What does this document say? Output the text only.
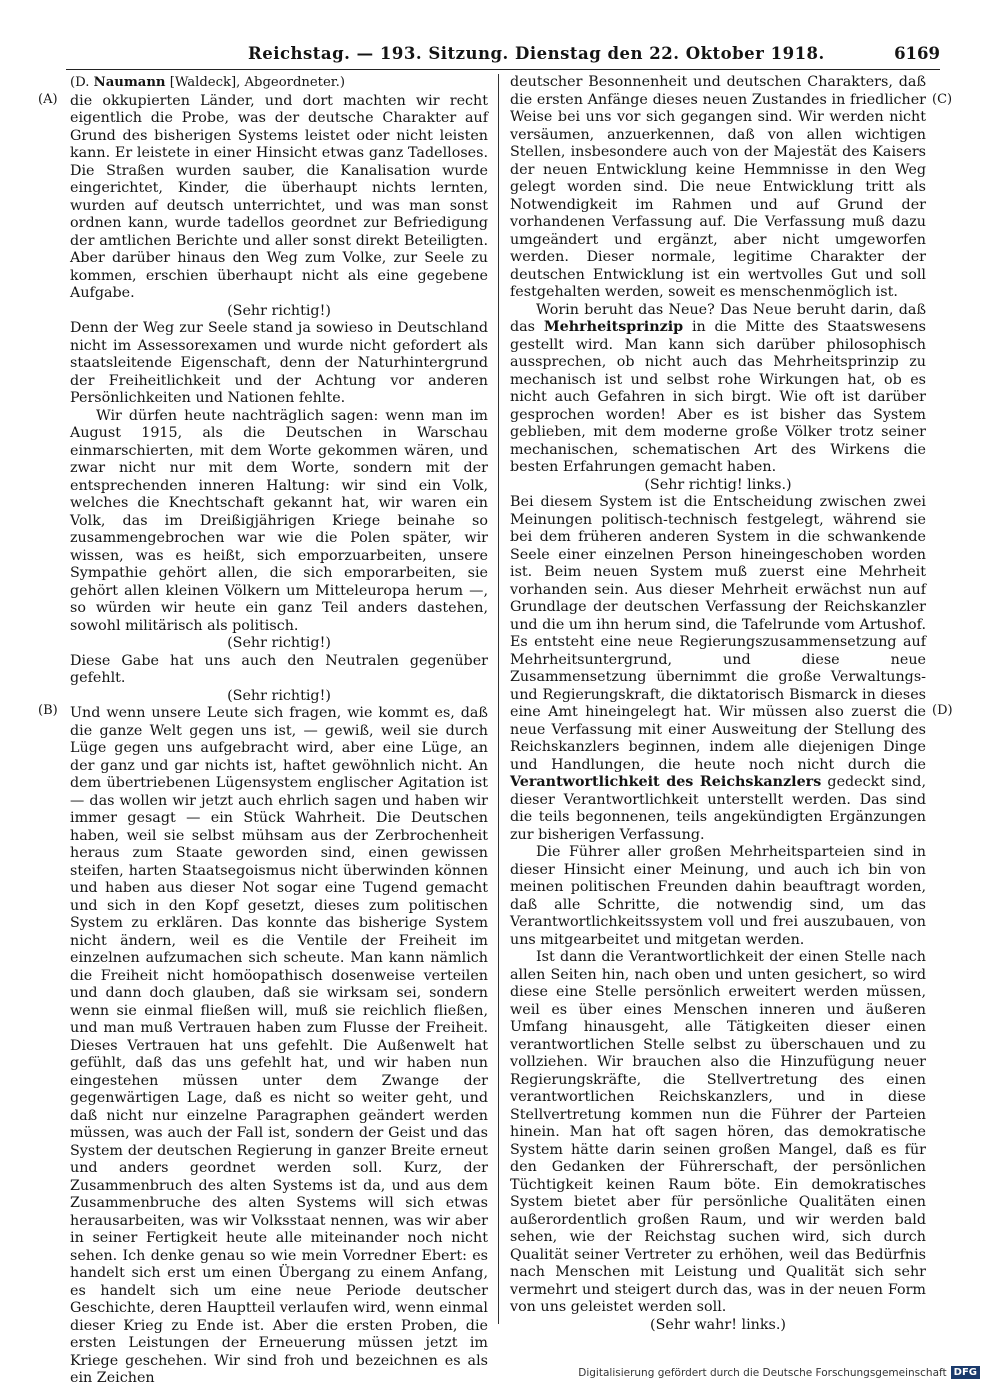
Reichstag. — 193. Sitzung. Dienstag den 22. Oktober 1918.	6169
(A)
(B)
(C)
(D)
(D. Naumann [Waldeck], Abgeordneter.)

die okkupierten Länder, und dort machten wir recht eigentlich die Probe, was der deutsche Charakter auf Grund des bisherigen Systems leistet oder nicht leisten kann. Er leistete in einer Hinsicht etwas ganz Tadelloses. Die Straßen wurden sauber, die Kanalisation wurde eingerichtet, Kinder, die überhaupt nichts lernten, wurden auf deutsch unterrichtet, und was man sonst ordnen kann, wurde tadellos geordnet zur Befriedigung der amtlichen Berichte und aller sonst direkt Beteiligten. Aber darüber hinaus den Weg zum Volke, zur Seele zu kommen, erschien überhaupt nicht als eine gegebene Aufgabe.

(Sehr richtig!)

Denn der Weg zur Seele stand ja sowieso in Deutschland nicht im Assessorexamen und wurde nicht gefordert als staatsleitende Eigenschaft, denn der Naturhintergrund der Freiheitlichkeit und der Achtung vor anderen Persönlichkeiten und Nationen fehlte.

Wir dürfen heute nachträglich sagen: wenn man im August 1915, als die Deutschen in Warschau einmarschierten, mit dem Worte gekommen wären, und zwar nicht nur mit dem Worte, sondern mit der entsprechenden inneren Haltung: wir sind ein Volk, welches die Knechtschaft gekannt hat, wir waren ein Volk, das im Dreißigjährigen Kriege beinahe so zusammengebrochen war wie die Polen später, wir wissen, was es heißt, sich emporzuarbeiten, unsere Sympathie gehört allen, die sich emporarbeiten, sie gehört allen kleinen Völkern um Mitteleuropa herum —, so würden wir heute ein ganz Teil anders dastehen, sowohl militärisch als politisch.

(Sehr richtig!)

Diese Gabe hat uns auch den Neutralen gegenüber gefehlt.

(Sehr richtig!)

Und wenn unsere Leute sich fragen, wie kommt es, daß die ganze Welt gegen uns ist, — gewiß, weil sie durch Lüge gegen uns aufgebracht wird, aber eine Lüge, an der ganz und gar nichts ist, haftet gewöhnlich nicht. An dem übertriebenen Lügensystem englischer Agitation ist — das wollen wir jetzt auch ehrlich sagen und haben wir immer gesagt — ein Stück Wahrheit. Die Deutschen haben, weil sie selbst mühsam aus der Zerbrochenheit heraus zum Staate geworden sind, einen gewissen steifen, harten Staatsegoismus nicht überwinden können und haben aus dieser Not sogar eine Tugend gemacht und sich in den Kopf gesetzt, dieses zum politischen System zu erklären. Das konnte das bisherige System nicht ändern, weil es die Ventile der Freiheit im einzelnen aufzumachen sich scheute. Man kann nämlich die Freiheit nicht homöopathisch dosenweise verteilen und dann doch glauben, daß sie wirksam sei, sondern wenn sie einmal fließen will, muß sie reichlich fließen, und man muß Vertrauen haben zum Flusse der Freiheit. Dieses Vertrauen hat uns gefehlt. Die Außenwelt hat gefühlt, daß das uns gefehlt hat, und wir haben nun eingestehen müssen unter dem Zwange der gegenwärtigen Lage, daß es nicht so weiter geht, und daß nicht nur einzelne Paragraphen geändert werden müssen, was auch der Fall ist, sondern der Geist und das System der deutschen Regierung in ganzer Breite erneut und anders geordnet werden soll. Kurz, der Zusammenbruch des alten Systems ist da, und aus dem Zusammenbruche des alten Systems will sich etwas herausarbeiten, was wir Volksstaat nennen, was wir aber in seiner Fertigkeit heute alle miteinander noch nicht sehen. Ich denke genau so wie mein Vorredner Ebert: es handelt sich erst um einen Übergang zu einem Anfang, es handelt sich um eine neue Periode deutscher Geschichte, deren Hauptteil verlaufen wird, wenn einmal dieser Krieg zu Ende ist. Aber die ersten Proben, die ersten Leistungen der Erneuerung müssen jetzt im Kriege geschehen. Wir sind froh und bezeichnen es als ein Zeichen

deutscher Besonnenheit und deutschen Charakters, daß die ersten Anfänge dieses neuen Zustandes in friedlicher Weise bei uns vor sich gegangen sind. Wir werden nicht versäumen, anzuerkennen, daß von allen wichtigen Stellen, insbesondere auch von der Majestät des Kaisers der neuen Entwicklung keine Hemmnisse in den Weg gelegt worden sind. Die neue Entwicklung tritt als Notwendigkeit im Rahmen und auf Grund der vorhandenen Verfassung auf. Die Verfassung muß dazu umgeändert und ergänzt, aber nicht umgeworfen werden. Dieser normale, legitime Charakter der deutschen Entwicklung ist ein wertvolles Gut und soll festgehalten werden, soweit es menschenmöglich ist.

Worin beruht das Neue? Das Neue beruht darin, daß das Mehrheitsprinzip in die Mitte des Staatswesens gestellt wird. Man kann sich darüber philosophisch aussprechen, ob nicht auch das Mehrheitsprinzip zu mechanisch ist und selbst rohe Wirkungen hat, ob es nicht auch Gefahren in sich birgt. Wie oft ist darüber gesprochen worden! Aber es ist bisher das System geblieben, mit dem moderne große Völker trotz seiner mechanischen, schematischen Art des Wirkens die besten Erfahrungen gemacht haben.

(Sehr richtig! links.)

Bei diesem System ist die Entscheidung zwischen zwei Meinungen politisch-technisch festgelegt, während sie bei dem früheren anderen System in die schwankende Seele einer einzelnen Person hineingeschoben worden ist. Beim neuen System muß zuerst eine Mehrheit vorhanden sein. Aus dieser Mehrheit erwächst nun auf Grundlage der deutschen Verfassung der Reichskanzler und die um ihn herum sind, die Tafelrunde vom Artushof. Es entsteht eine neue Regierungszusammensetzung auf Mehrheitsuntergrund, und diese neue Zusammensetzung übernimmt die große Verwaltungs- und Regierungskraft, die diktatorisch Bismarck in dieses eine Amt hineingelegt hat. Wir müssen also zuerst die neue Verfassung mit einer Ausweitung der Stellung des Reichskanzlers beginnen, indem alle diejenigen Dinge und Handlungen, die heute noch nicht durch die Verantwortlichkeit des Reichskanzlers gedeckt sind, dieser Verantwortlichkeit unterstellt werden. Das sind die teils begonnenen, teils angekündigten Ergänzungen zur bisherigen Verfassung.

Die Führer aller großen Mehrheitsparteien sind in dieser Hinsicht einer Meinung, und auch ich bin von meinen politischen Freunden dahin beauftragt worden, daß alle Schritte, die notwendig sind, um das Verantwortlichkeitssystem voll und frei auszubauen, von uns mitgearbeitet und mitgetan werden.

Ist dann die Verantwortlichkeit der einen Stelle nach allen Seiten hin, nach oben und unten gesichert, so wird diese eine Stelle persönlich erweitert werden müssen, weil es über eines Menschen inneren und äußeren Umfang hinausgeht, alle Tätigkeiten dieser einen verantwortlichen Stelle selbst zu überschauen und zu vollziehen. Wir brauchen also die Hinzufügung neuer Regierungskräfte, die Stellvertretung des einen verantwortlichen Reichskanzlers, und in diese Stellvertretung kommen nun die Führer der Parteien hinein. Man hat oft sagen hören, das demokratische System hätte darin seinen großen Mangel, daß es für den Gedanken der Führerschaft, der persönlichen Tüchtigkeit keinen Raum böte. Ein demokratisches System bietet aber für persönliche Qualitäten einen außerordentlich großen Raum, und wir werden bald sehen, wie der Reichstag suchen wird, sich durch Qualität seiner Vertreter zu erhöhen, weil das Bedürfnis nach Menschen mit Leistung und Qualität sich sehr vermehrt und steigert durch das, was in der neuen Form von uns geleistet werden soll.

(Sehr wahr! links.)

Digitalisierung gefördert durch die Deutsche Forschungsgemeinschaft DFG
